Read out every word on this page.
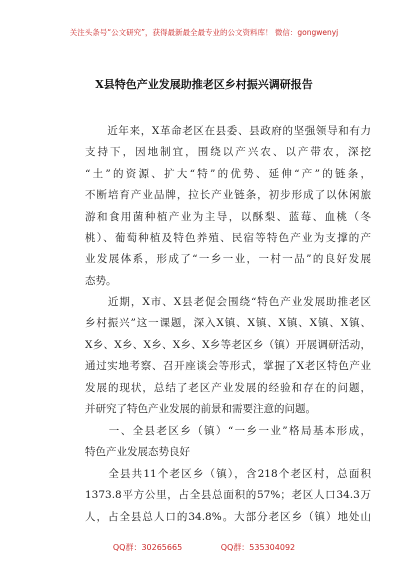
关注头条号“公文研究”，获得最新最全最专业的公文资料库！ 微信：gongwenyj
X县特色产业发展助推老区乡村振兴调研报告
　　近年来，X革命老区在县委、县政府的坚强领导和有力
支持下，因地制宜，围绕以产兴农、以产带农，深挖
“土”的资源、扩大“特”的优势、延伸“产”的链条，
不断培育产业品牌，拉长产业链条，初步形成了以休闲旅
游和食用菌种植产业为主导，以酥梨、蓝莓、血桃（冬
桃）、葡萄种植及特色养殖、民宿等特色产业为支撑的产
业发展体系，形成了“一乡一业，一村一品”的良好发展
态势。
　　近期，X市、X县老促会围绕“特色产业发展助推老区
乡村振兴”这一课题，深入X镇、X镇、X镇、X镇、X镇、
X乡、X乡、X乡、X乡、X乡等老区乡（镇）开展调研活动，
通过实地考察、召开座谈会等形式，掌握了X老区特色产业
发展的现状，总结了老区产业发展的经验和存在的问题，
并研究了特色产业发展的前景和需要注意的问题。
　　一、全县老区乡（镇）“一乡一业”格局基本形成，
特色产业发展态势良好
　　全县共11个老区乡（镇），含218个老区村，总面积
1373.8平方公里，占全县总面积的57%；老区人口34.3万
人，占全县总人口的34.8%。大部分老区乡（镇）地处山
QQ群：30265665	QQ群：535304092
